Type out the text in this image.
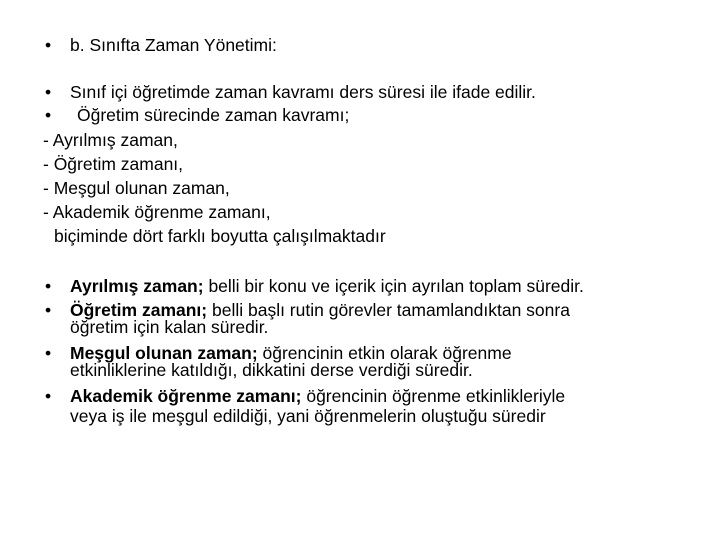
•	b. Sınıfta Zaman Yönetimi:
•	Sınıf içi öğretimde zaman kavramı ders süresi ile ifade edilir.
•	Öğretim sürecinde zaman kavramı;
- Ayrılmış zaman,
- Öğretim zamanı,
- Meşgul olunan zaman,
- Akademik öğrenme zamanı,
biçiminde dört farklı boyutta çalışılmaktadır
•	Ayrılmış zaman; belli bir konu ve içerik için ayrılan toplam süredir.
•	Öğretim zamanı; belli başlı rutin görevler tamamlandıktan sonra
öğretim için kalan süredir.
•	Meşgul olunan zaman; öğrencinin etkin olarak öğrenme
etkinliklerine katıldığı, dikkatini derse verdiği süredir.
•	Akademik öğrenme zamanı; öğrencinin öğrenme etkinlikleriyle
veya iş ile meşgul edildiği, yani öğrenmelerin oluştuğu süredir
